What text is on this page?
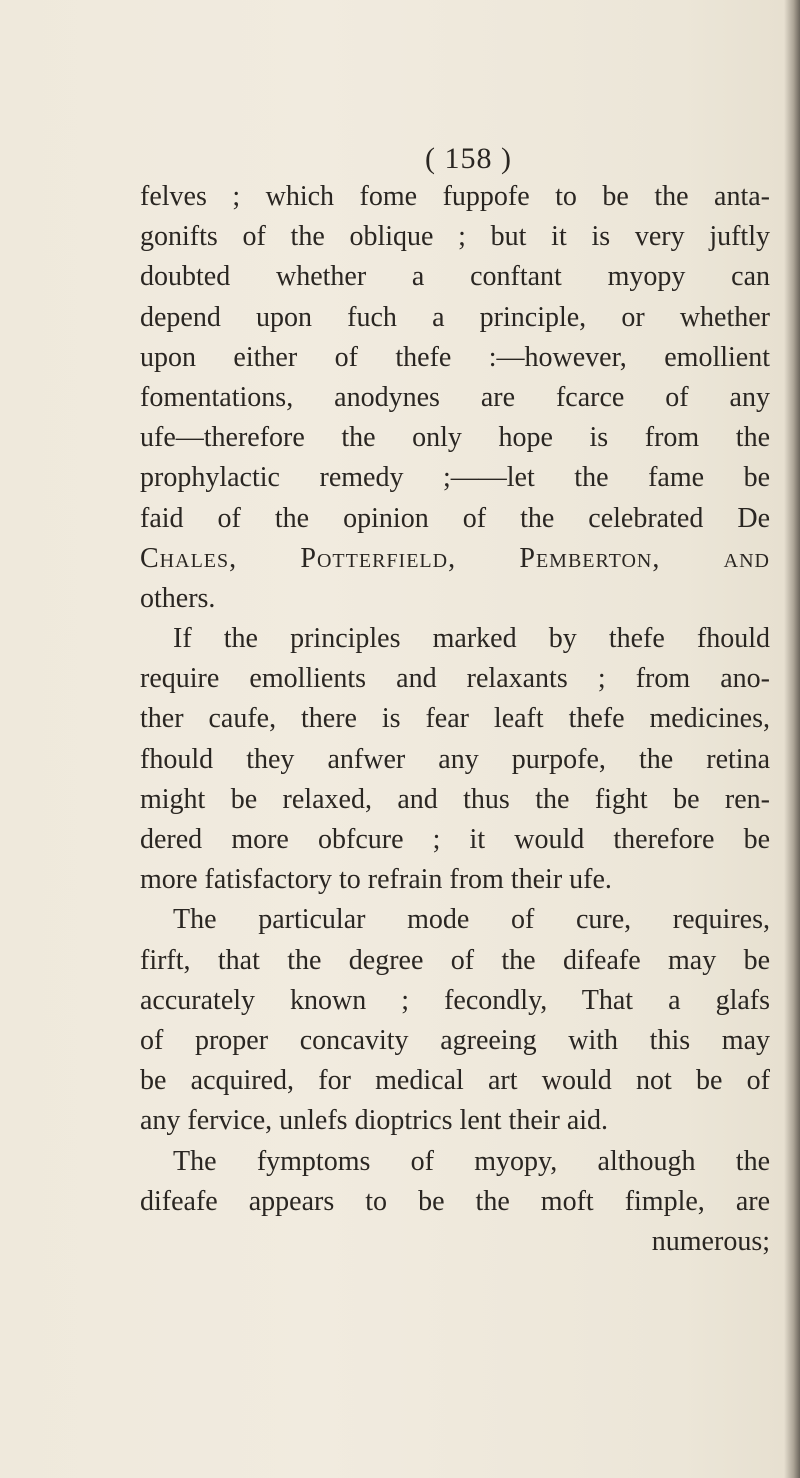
( 158 )
felves ; which fome fuppofe to be the anta-
gonifts of the oblique ; but it is very juftly
doubted whether a conftant myopy can
depend upon fuch a principle, or whether
upon either of thefe :—however, emollient
fomentations, anodynes are fcarce of any
ufe—therefore the only hope is from the
prophylactic remedy ;——let the fame be
faid of the opinion of the celebrated De
Chales, Potterfield, Pemberton, and
others.
If the principles marked by thefe fhould
require emollients and relaxants ; from ano-
ther caufe, there is fear leaft thefe medicines,
fhould they anfwer any purpofe, the retina
might be relaxed, and thus the fight be ren-
dered more obfcure ; it would therefore be
more fatisfactory to refrain from their ufe.
The particular mode of cure, requires,
firft, that the degree of the difeafe may be
accurately known ; fecondly, That a glafs
of proper concavity agreeing with this may
be acquired, for medical art would not be of
any fervice, unlefs dioptrics lent their aid.
The fymptoms of myopy, although the
difeafe appears to be the moft fimple, are
numerous;
